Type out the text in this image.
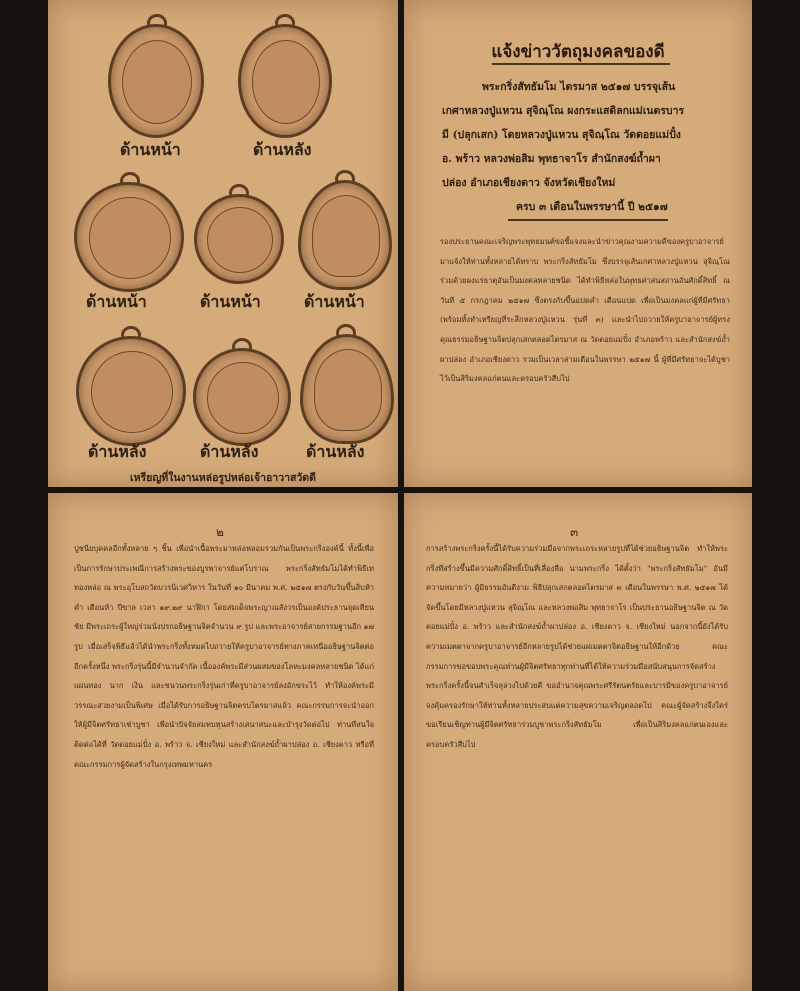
ด้านหน้า	ด้านหลัง
ด้านหน้า	ด้านหน้า	ด้านหน้า
ด้านหลัง	ด้านหลัง	ด้านหลัง
เหรียญที่ในงานหล่อรูปหล่อเจ้าอาวาสวัดดี
แจ้งข่าววัตถุมงคลของดี
พระกริ่งสัทธัมโม ไตรมาส ๒๕๑๗ บรรจุเส้น
เกศาหลวงปู่แหวน สุจิณฺโณ ผงกระแสดิลกแม่เนตรบาร
มี (ปลุกเสก) โดยหลวงปู่แหวน สุจิณฺโณ วัดดอยแม่ปั๋ง
อ. พร้าว หลวงพ่อสิม พุทธาจาโร สำนักสงฆ์ถ้ำผา
ปล่อง อำเภอเชียงดาว จังหวัดเชียงใหม่
ครบ ๓ เดือนในพรรษานี้ ปี ๒๕๑๗
รองประธานคณะเจริญพระพุทธมนต์ขอชี้แจงและนำข่าวคุณงามความดีของครูบาอาจารย์มาแจ้งให้ท่านทั้งหลายได้ทราบ พระกริ่งสัทธัมโม ซึ่งบรรจุเส้นเกศาหลวงปู่แหวน สุจิณฺโณ ร่วมด้วยผงแร่ธาตุอันเป็นมงคลหลายชนิด ได้ทำพิธีหล่อในพุทธศาสนสถานอันศักดิ์สิทธิ์ ณ วันที่ ๕ กรกฎาคม ๒๕๑๗ ซึ่งตรงกับขึ้นแปดค่ำ เดือนแปด เพื่อเป็นมงคลแก่ผู้ที่มีศรัทธา (พร้อมทั้งทำเหรียญที่ระลึกหลวงปู่แหวน รุ่นที่ ๓) และนำไปถวายให้ครูบาอาจารย์ผู้ทรงคุณธรรมอธิษฐานจิตปลุกเสกตลอดไตรมาส ณ วัดดอยแม่ปั๋ง อำเภอพร้าว และสำนักสงฆ์ถ้ำผาปล่อง อำเภอเชียงดาว รวมเป็นเวลาสามเดือนในพรรษา ๒๕๑๗ นี้ ผู้ที่มีศรัทธาจะได้บูชาไว้เป็นสิริมงคลแก่ตนและครอบครัวสืบไป
๒
ปูชนียบุคคลอีกทั้งหลาย ๆ ชิ้น เพื่อนำเนื้อพระมาหล่อหลอมรวมกันเป็นพระกริ่งองค์นี้ ทั้งนี้เพื่อเป็นการรักษาประเพณีการสร้างพระของบูรพาจารย์แต่โบราณ พระกริ่งสัทธัมโมได้ทำพิธีเททองหล่อ ณ พระอุโบสถวัดบวรนิเวศวิหาร ในวันที่ ๑๐ มีนาคม พ.ศ. ๒๕๑๗ ตรงกับวันขึ้นสิบห้าค่ำ เดือนห้า ปีขาล เวลา ๑๙.๒๙ นาฬิกา โดยสมเด็จพระญาณสังวรเป็นองค์ประธานจุดเทียนชัย มีพระเถระผู้ใหญ่ร่วมนั่งปรกอธิษฐานจิตจำนวน ๙ รูป และพระอาจารย์สายกรรมฐานอีก ๑๗ รูป เมื่อเสร็จพิธีแล้วได้นำพระกริ่งทั้งหมดไปถวายให้ครูบาอาจารย์ทางภาคเหนืออธิษฐานจิตต่ออีกครั้งหนึ่ง พระกริ่งรุ่นนี้มีจำนวนจำกัด เนื้อองค์พระมีส่วนผสมของโลหะมงคลหลายชนิด ได้แก่ แผ่นทอง นาก เงิน และชนวนพระกริ่งรุ่นเก่าที่ครูบาอาจารย์ลงอักขระไว้ ทำให้องค์พระมีวรรณะสวยงามเป็นพิเศษ เมื่อได้รับการอธิษฐานจิตครบไตรมาสแล้ว คณะกรรมการจะนำออกให้ผู้มีจิตศรัทธาเช่าบูชา เพื่อนำปัจจัยสมทบทุนสร้างเสนาสนะและบำรุงวัดต่อไป ท่านที่สนใจติดต่อได้ที่ วัดดอยแม่ปั๋ง อ. พร้าว จ. เชียงใหม่ และสำนักสงฆ์ถ้ำผาปล่อง อ. เชียงดาว หรือที่คณะกรรมการผู้จัดสร้างในกรุงเทพมหานคร
๓
การสร้างพระกริ่งครั้งนี้ได้รับความร่วมมือจากพระเถระหลายรูปที่ได้ช่วยอธิษฐานจิต ทำให้พระกริ่งที่สร้างขึ้นมีความศักดิ์สิทธิ์เป็นที่เลื่องลือ นามพระกริ่ง ได้ตั้งว่า "พระกริ่งสัทธัมโม" อันมีความหมายว่า ผู้มีธรรมอันดีงาม พิธีปลุกเสกตลอดไตรมาส ๓ เดือนในพรรษา พ.ศ. ๒๕๑๗ ได้จัดขึ้นโดยมีหลวงปู่แหวน สุจิณฺโณ และหลวงพ่อสิม พุทธาจาโร เป็นประธานอธิษฐานจิต ณ วัดดอยแม่ปั๋ง อ. พร้าว และสำนักสงฆ์ถ้ำผาปล่อง อ. เชียงดาว จ. เชียงใหม่ นอกจากนี้ยังได้รับความเมตตาจากครูบาอาจารย์อีกหลายรูปได้ช่วยแผ่เมตตาจิตอธิษฐานให้อีกด้วย คณะกรรมการขอขอบพระคุณท่านผู้มีจิตศรัทธาทุกท่านที่ได้ให้ความร่วมมือสนับสนุนการจัดสร้างพระกริ่งครั้งนี้จนสำเร็จลุล่วงไปด้วยดี ขออำนาจคุณพระศรีรัตนตรัยและบารมีของครูบาอาจารย์ จงคุ้มครองรักษาให้ท่านทั้งหลายประสบแต่ความสุขความเจริญตลอดไป คณะผู้จัดสร้างจึงใคร่ขอเรียนเชิญท่านผู้มีจิตศรัทธาร่วมบูชาพระกริ่งสัทธัมโม เพื่อเป็นสิริมงคลแก่ตนเองและครอบครัวสืบไป
